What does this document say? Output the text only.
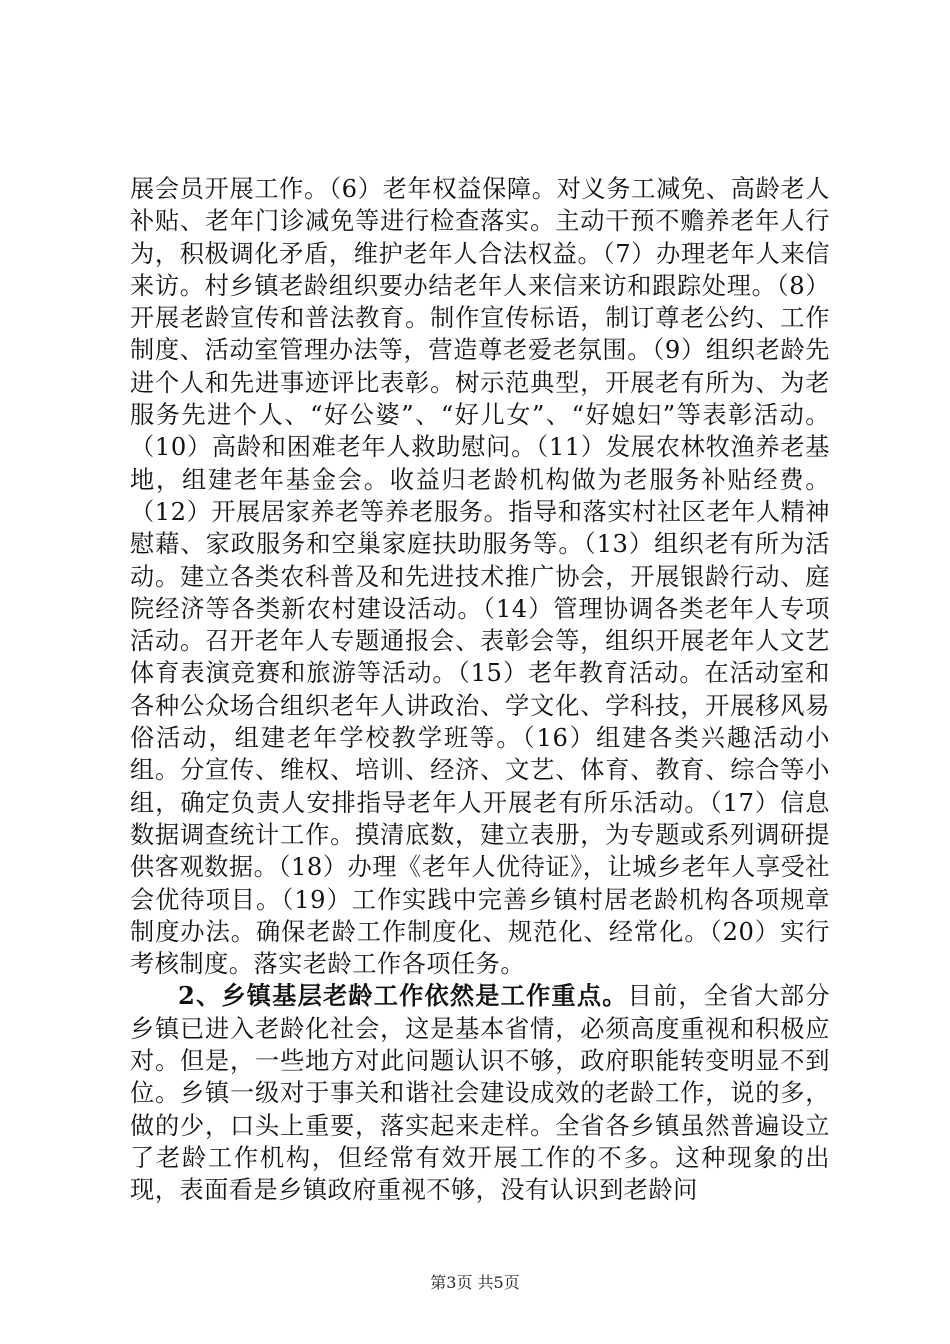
展会员开展工作。（6）老年权益保障。对义务工减免、高龄老人补贴、老年门诊减免等进行检查落实。主动干预不赡养老年人行为，积极调化矛盾，维护老年人合法权益。（7）办理老年人来信来访。村乡镇老龄组织要办结老年人来信来访和跟踪处理。（8）开展老龄宣传和普法教育。制作宣传标语，制订尊老公约、工作制度、活动室管理办法等，营造尊老爱老氛围。（9）组织老龄先进个人和先进事迹评比表彰。树示范典型，开展老有所为、为老服务先进个人、“好公婆”、“好儿女”、“好媳妇”等表彰活动。（10）高龄和困难老年人救助慰问。（11）发展农林牧渔养老基地，组建老年基金会。收益归老龄机构做为老服务补贴经费。（12）开展居家养老等养老服务。指导和落实村社区老年人精神慰藉、家政服务和空巢家庭扶助服务等。（13）组织老有所为活动。建立各类农科普及和先进技术推广协会，开展银龄行动、庭院经济等各类新农村建设活动。（14）管理协调各类老年人专项活动。召开老年人专题通报会、表彰会等，组织开展老年人文艺体育表演竞赛和旅游等活动。（15）老年教育活动。在活动室和各种公众场合组织老年人讲政治、学文化、学科技，开展移风易俗活动，组建老年学校教学班等。（16）组建各类兴趣活动小组。分宣传、维权、培训、经济、文艺、体育、教育、综合等小组，确定负责人安排指导老年人开展老有所乐活动。（17）信息数据调查统计工作。摸清底数，建立表册，为专题或系列调研提供客观数据。（18）办理《老年人优待证》，让城乡老年人享受社会优待项目。（19）工作实践中完善乡镇村居老龄机构各项规章制度办法。确保老龄工作制度化、规范化、经常化。（20）实行考核制度。落实老龄工作各项任务。

2、乡镇基层老龄工作依然是工作重点。目前，全省大部分乡镇已进入老龄化社会，这是基本省情，必须高度重视和积极应对。但是，一些地方对此问题认识不够，政府职能转变明显不到位。乡镇一级对于事关和谐社会建设成效的老龄工作，说的多，做的少，口头上重要，落实起来走样。全省各乡镇虽然普遍设立了老龄工作机构，但经常有效开展工作的不多。这种现象的出现，表面看是乡镇政府重视不够，没有认识到老龄问

第3页 共5页
